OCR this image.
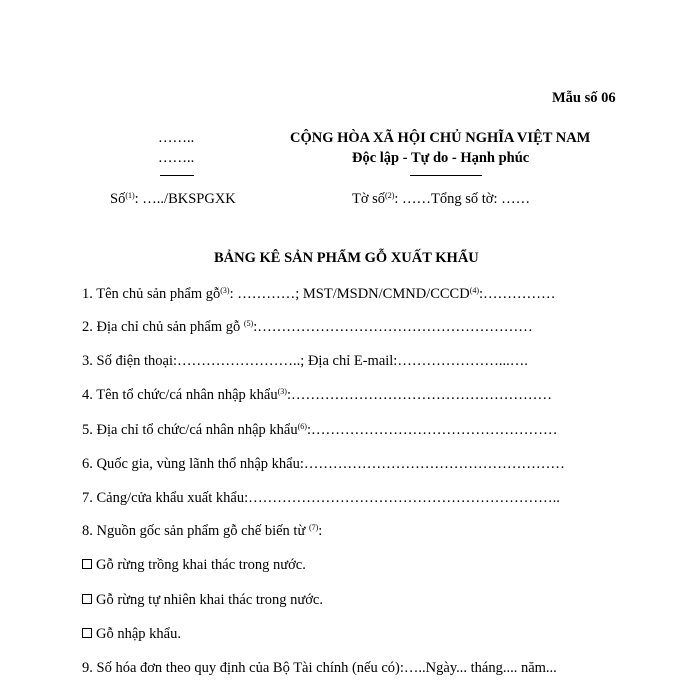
Mẫu số 06
……..
……..
CỘNG HÒA XÃ HỘI CHỦ NGHĨA VIỆT NAM
Độc lập - Tự do - Hạnh phúc
Số$^{(1)}$: …../BKSPGXK	Tờ số$^{(2)}$: ……Tổng số tờ: ……
BẢNG KÊ SẢN PHẨM GỖ XUẤT KHẨU
1. Tên chủ sản phẩm gỗ$^{(3)}$: …………; MST/MSDN/CMND/CCCD$^{(4)}$:……………
2. Địa chỉ chủ sản phẩm gỗ $^{(5)}$:…………………………………………………
3. Số điện thoại:……………………..; Địa chỉ E-mail:…………………...….
4. Tên tổ chức/cá nhân nhập khẩu$^{(3)}$:………………………………………………
5. Địa chỉ tổ chức/cá nhân nhập khẩu$^{(6)}$:……………………………………………
6. Quốc gia, vùng lãnh thổ nhập khẩu:………………………………………………
7. Cảng/cửa khẩu xuất khẩu:………………………………………………………..
8. Nguồn gốc sản phẩm gỗ chế biến từ $^{(7)}$:
Gỗ rừng trồng khai thác trong nước.
Gỗ rừng tự nhiên khai thác trong nước.
Gỗ nhập khẩu.
9. Số hóa đơn theo quy định của Bộ Tài chính (nếu có):…..Ngày... tháng.... năm...
